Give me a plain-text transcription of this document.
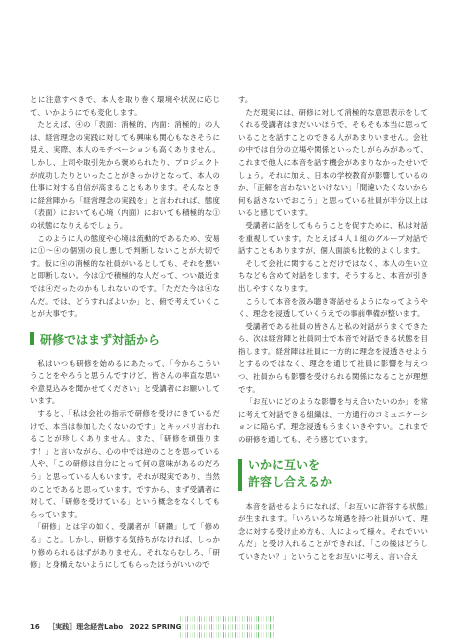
とに注意すべきで、本人を取り巻く環境や状況に応じて、いかようにでも変化します。

たとえば、④の「表面：消極的、内面：消極的」の人は、経営理念の実践に対しても興味も関心もなさそうに見え、実際、本人のモチベーションも高くありません。しかし、上司や取引先から褒められたり、プロジェクトが成功したりといったことがきっかけとなって、本人の仕事に対する自信が高まることもあります。そんなときに経営陣から「経営理念の実践を」と言われれば、態度（表面）においても心境（内面）においても積極的な①の状態になりえるでしょう。

このように人の態度や心境は流動的であるため、安易に①〜④の個別の良し悪しで判断しないことが大切です。仮に④の消極的な社員がいるとしても、それを悪いと即断しない。今は①で積極的な人だって、つい最近までは④だったのかもしれないのです。「ただた今は④なんだ。では、どうすればよいか」と、俯で考えていくことが大事です。

研修ではまず対話から

私はいつも研修を始めるにあたって、「今からこういうことをやろうと思うんですけど、皆さんの率直な思いや意見込みを聞かせてください」と受講者にお願いしています。

すると、「私は会社の指示で研修を受けにきているだけで、本当は参加したくないのです」とキッパリ言われることが珍しくありません。また、「研修を頑張ります！」と言いながら、心の中では逆のことを思っている人や、「この研修は自分にとって何の意味があるのだろう」と思っている人もいます。それが現実であり、当然のことであると思っています。ですから、まず受講者に対して、「研修を受けている」という概念をなくしてもらっています。

「研修」とは字の如く、受講者が「研鑽」して「修める」こと。しかし、研修する気持ちがなければ、しっかり修められるはずがありません。それならむしろ、「研修」と身構えないようにしてもらったほうがいいので

す。

ただ現実には、研修に対して消極的な意思表示をしてくれる受講者はまだいいほうで、そもそも本当に思っていることを話すことのできる人があまりいません。会社の中では自分の立場や関係といったしがらみがあって、これまで他人に本音を話す機会があまりなかったせいでしょう。それに加え、日本の学校教育が影響しているのか、「正解を言わないといけない」「間違いたくないから何も話さないでおこう」と思っている社員が半分以上はいると感じています。

受講者に話をしてもらうことを促すために、私は対話を重視しています。たとえば４人１組のグループ対話で話すこともありますが、個人面談も比較的よくします。

そして会社に関することだけではなく、本人の生い立ちなども含めて対話をします。そうすると、本音が引き出しやすくなります。

こうして本音を汲み聴き寄話せるようになってようやく、理念を浸透していくうえでの事前準備が整います。

受講者である社員の皆さんと私の対話がうまくできたら、次は経営陣と社員同士で本音で対話できる状態を目指します。経営陣は社員に一方的に理念を浸透させようとするのではなく、理念を通じて社員に影響を与えつつ、社員からも影響を受けられる関係になることが理想です。

「お互いにどのような影響を与え合いたいのか」を常に考えて対話できる組織は、一方通行のコミュニケーションに陥らず、理念浸透もうまくいきやすい。これまでの研修を通しても、そう感じています。

いかに互いを
許容し合えるか

本音を話せるようになれば、「お互いに許容する状態」が生まれます。「いろいろな境遇を持つ社員がいて、理念に対する受け止め方も、人によって様々。それでいいんだ」と受け入れることができれば、「この後はどうしていきたい？」ということをお互いに考え、言い合え

16 ［実践］理念経営Labo 2022 SPRING
